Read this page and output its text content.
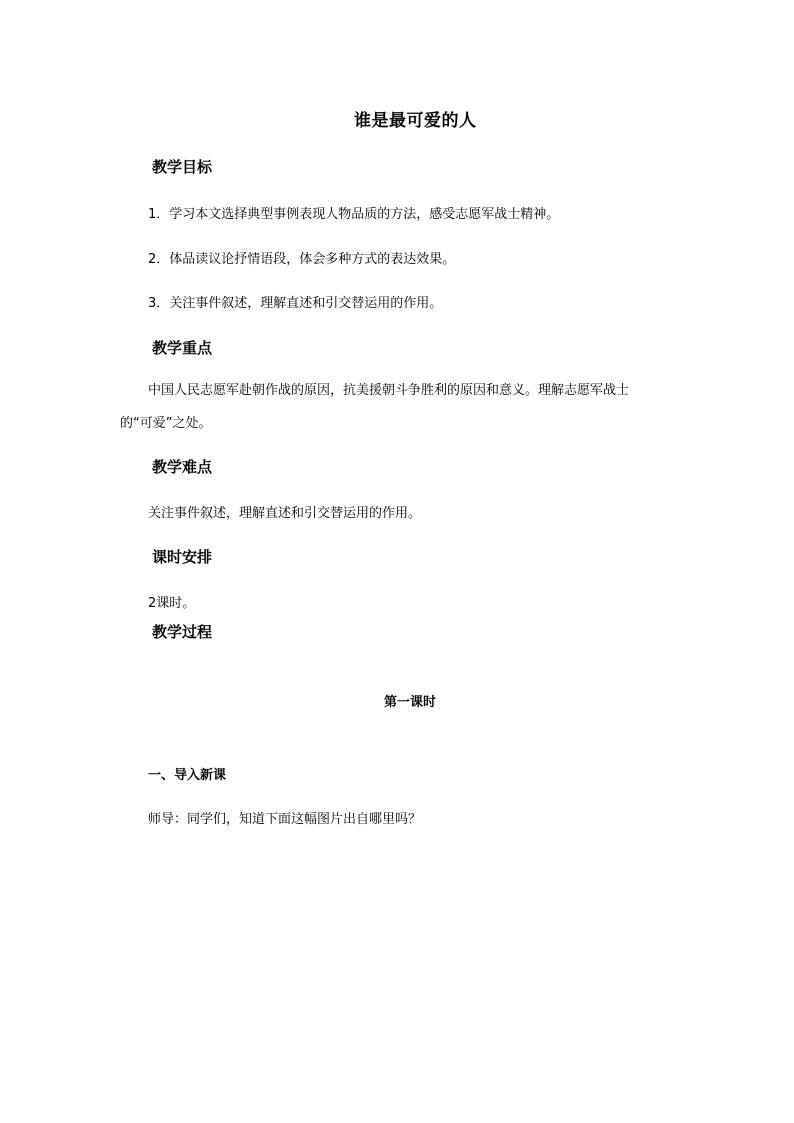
谁是最可爱的人
教学目标
1．学习本文选择典型事例表现人物品质的方法，感受志愿军战士精神。
2．体品读议论抒情语段，体会多种方式的表达效果。
3．关注事件叙述，理解直述和引交替运用的作用。
教学重点
中国人民志愿军赴朝作战的原因，抗美援朝斗争胜利的原因和意义。理解志愿军战士
的“可爱”之处。
教学难点
关注事件叙述，理解直述和引交替运用的作用。
课时安排
2课时。
教学过程
第一课时
一、导入新课
师导：同学们，知道下面这幅图片出自哪里吗？
